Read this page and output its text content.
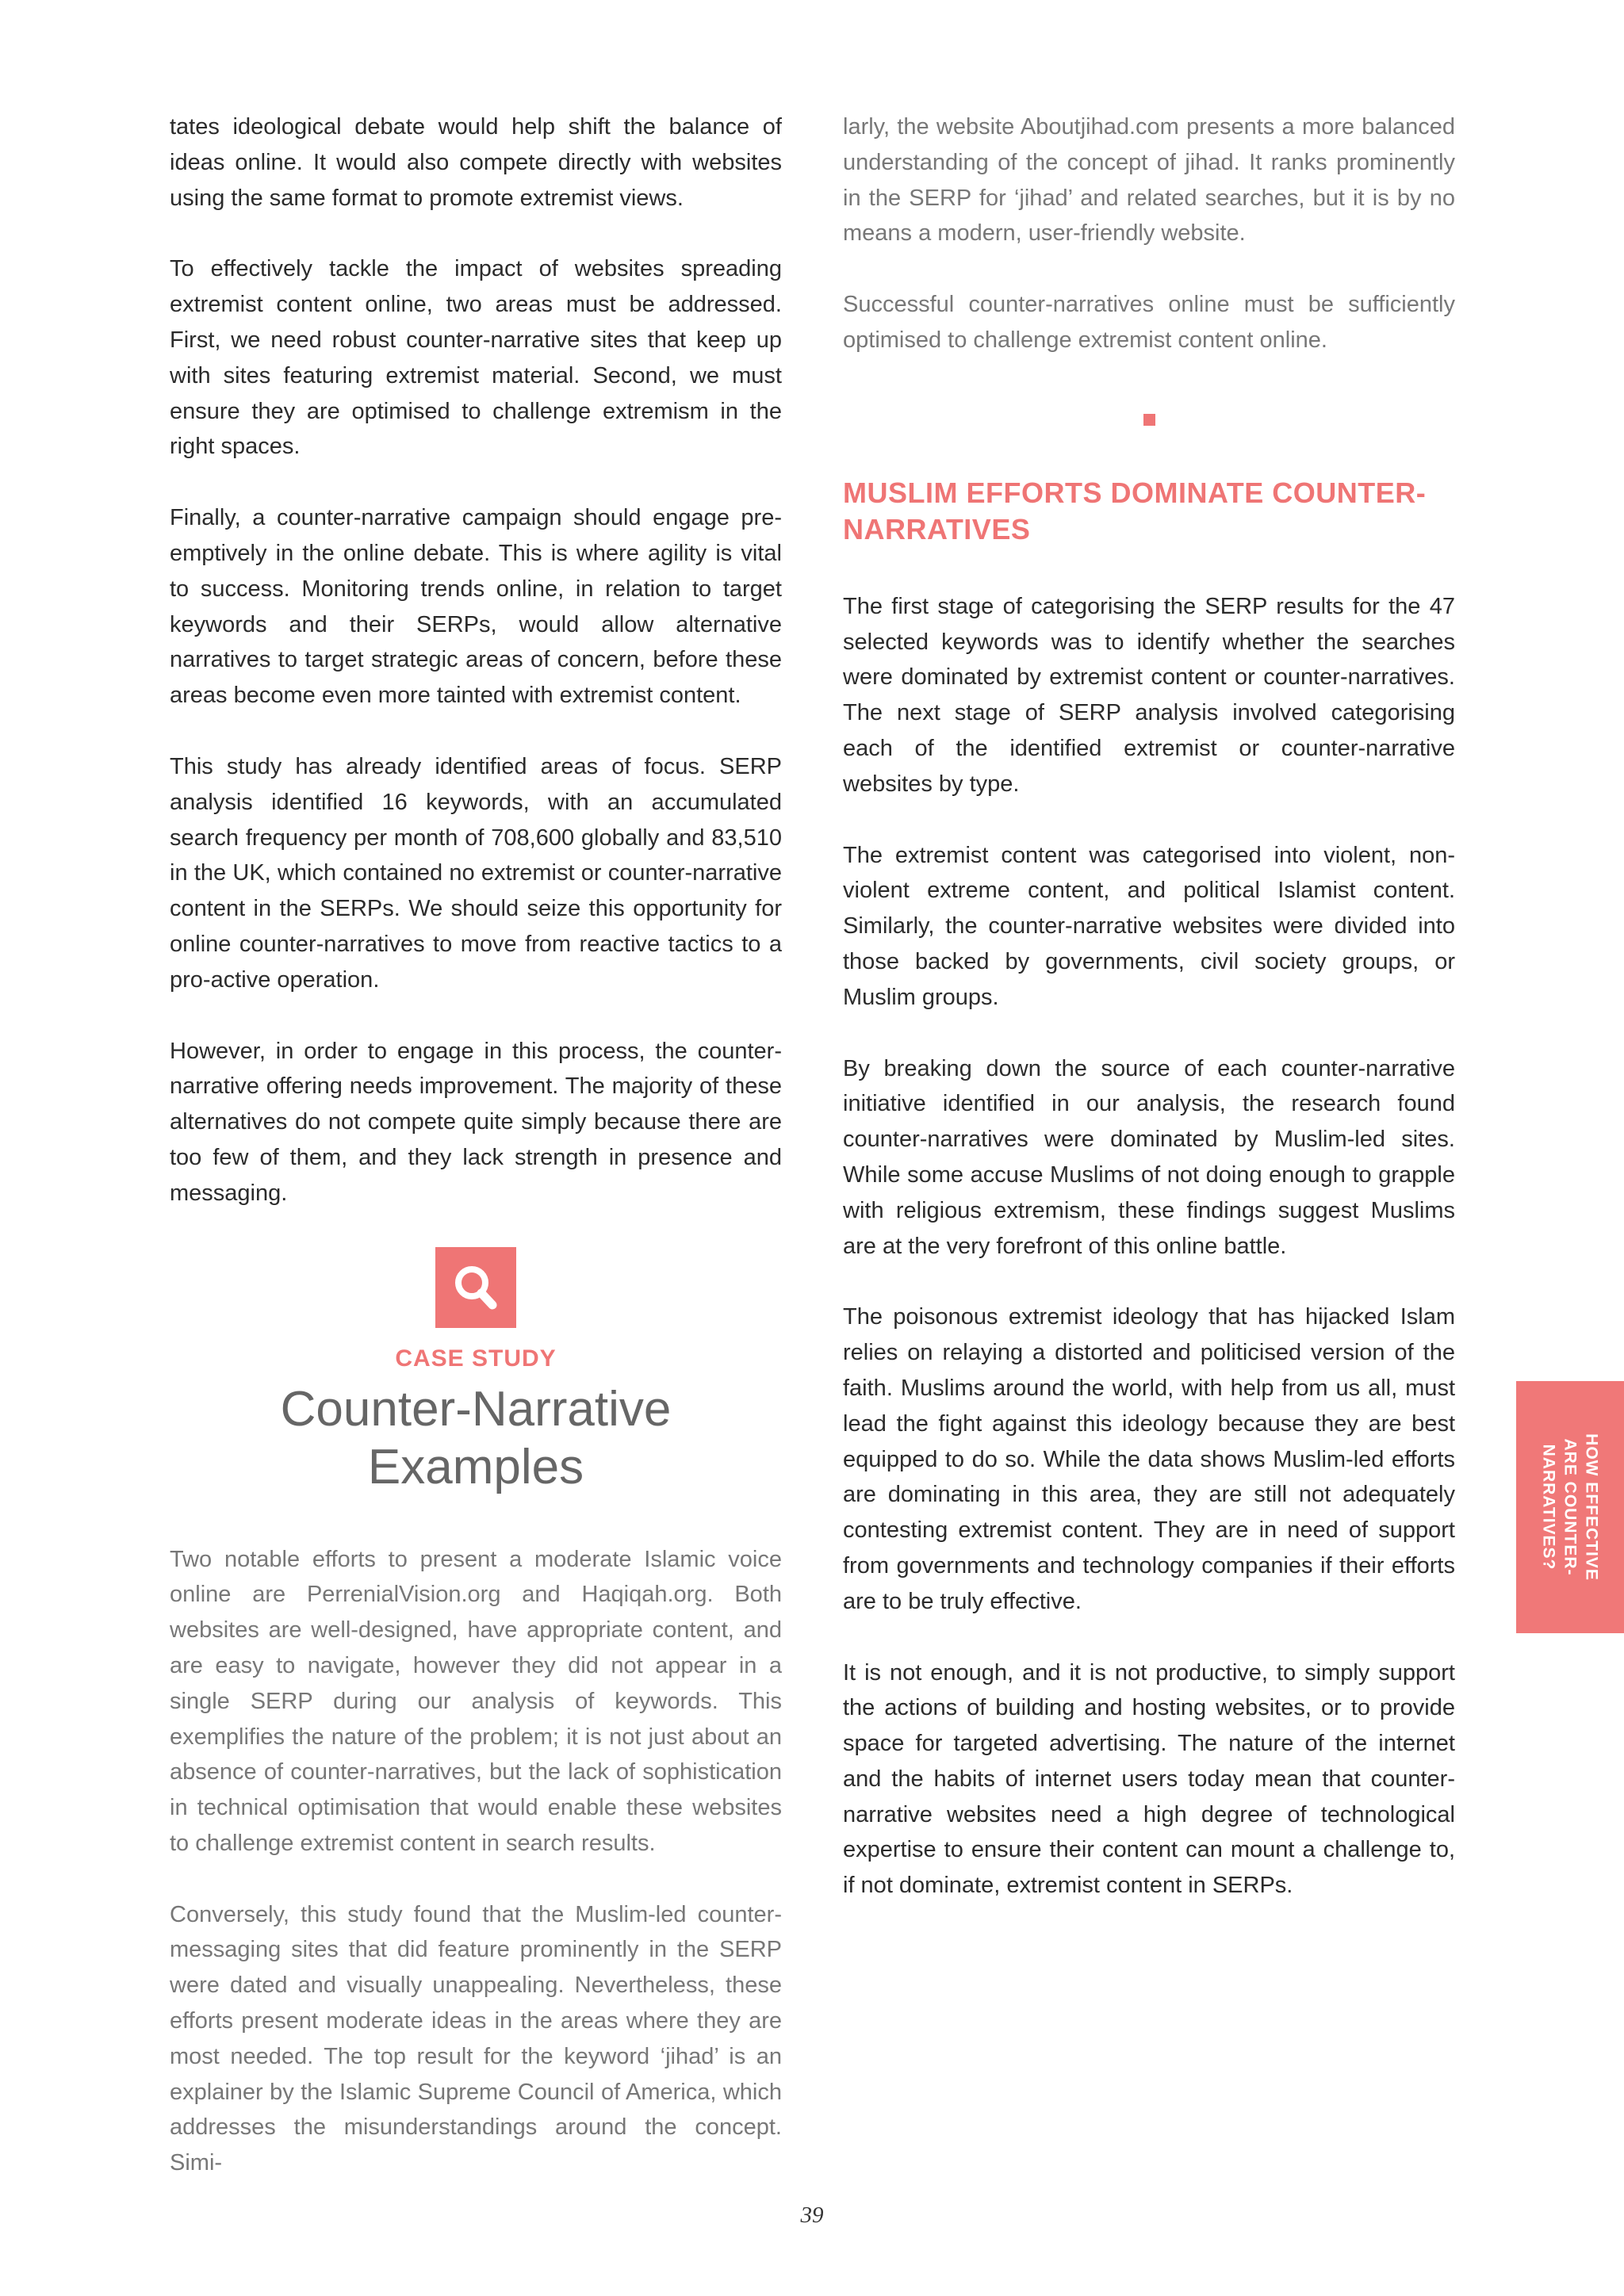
tates ideological debate would help shift the balance of ideas online. It would also compete directly with websites using the same format to promote extremist views.

To effectively tackle the impact of websites spreading extremist content online, two areas must be addressed. First, we need robust counter-narrative sites that keep up with sites featuring extremist material. Second, we must ensure they are optimised to challenge extremism in the right spaces.

Finally, a counter-narrative campaign should engage pre-emptively in the online debate. This is where agility is vital to success. Monitoring trends online, in relation to target keywords and their SERPs, would allow alternative narratives to target strategic areas of concern, before these areas become even more tainted with extremist content.

This study has already identified areas of focus. SERP analysis identified 16 keywords, with an accumulated search frequency per month of 708,600 globally and 83,510 in the UK, which contained no extremist or counter-narrative content in the SERPs. We should seize this opportunity for online counter-narratives to move from reactive tactics to a pro-active operation.

However, in order to engage in this process, the counter-narrative offering needs improvement. The majority of these alternatives do not compete quite simply because there are too few of them, and they lack strength in presence and messaging.

CASE STUDY
Counter-Narrative
Examples

Two notable efforts to present a moderate Islamic voice online are PerrenialVision.org and Haqiqah.org. Both websites are well-designed, have appropriate content, and are easy to navigate, however they did not appear in a single SERP during our analysis of keywords. This exemplifies the nature of the problem; it is not just about an absence of counter-narratives, but the lack of sophistication in technical optimisation that would enable these websites to challenge extremist content in search results.

Conversely, this study found that the Muslim-led counter-messaging sites that did feature prominently in the SERP were dated and visually unappealing. Nevertheless, these efforts present moderate ideas in the areas where they are most needed. The top result for the keyword ‘jihad’ is an explainer by the Islamic Supreme Council of America, which addresses the misunderstandings around the concept. Simi-

larly, the website Aboutjihad.com presents a more balanced understanding of the concept of jihad. It ranks prominently in the SERP for ‘jihad’ and related searches, but it is by no means a modern, user-friendly website.

Successful counter-narratives online must be sufficiently optimised to challenge extremist content online.

MUSLIM EFFORTS DOMINATE COUNTER-NARRATIVES

The first stage of categorising the SERP results for the 47 selected keywords was to identify whether the searches were dominated by extremist content or counter-narratives. The next stage of SERP analysis involved categorising each of the identified extremist or counter-narrative websites by type.

The extremist content was categorised into violent, non-violent extreme content, and political Islamist content. Similarly, the counter-narrative websites were divided into those backed by governments, civil society groups, or Muslim groups.

By breaking down the source of each counter-narrative initiative identified in our analysis, the research found counter-narratives were dominated by Muslim-led sites. While some accuse Muslims of not doing enough to grapple with religious extremism, these findings suggest Muslims are at the very forefront of this online battle.

The poisonous extremist ideology that has hijacked Islam relies on relaying a distorted and politicised version of the faith. Muslims around the world, with help from us all, must lead the fight against this ideology because they are best equipped to do so. While the data shows Muslim-led efforts are dominating in this area, they are still not adequately contesting extremist content. They are in need of support from governments and technology companies if their efforts are to be truly effective.

It is not enough, and it is not productive, to simply support the actions of building and hosting websites, or to provide space for targeted advertising. The nature of the internet and the habits of internet users today mean that counter-narrative websites need a high degree of technological expertise to ensure their content can mount a challenge to, if not dominate, extremist content in SERPs.

HOW EFFECTIVE
ARE COUNTER-
NARRATIVES?
39
